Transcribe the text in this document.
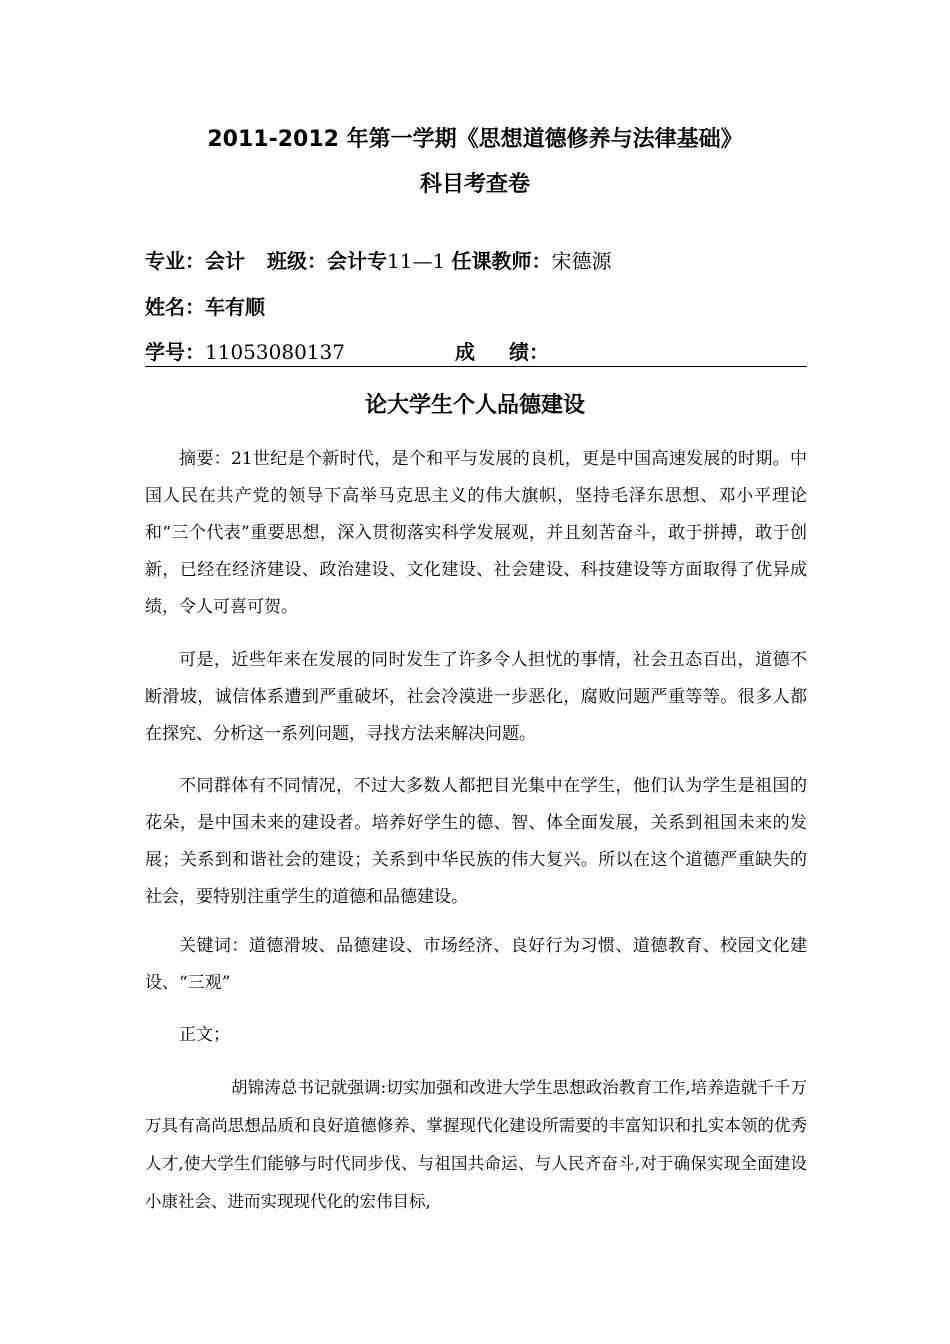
2011-2012 年第一学期《思想道德修养与法律基础》
科目考查卷
专业：会计 班级：会计专11—1 任课教师：宋德源
姓名：车有顺
学号：11053080137	成 绩：
论大学生个人品德建设

摘要：21世纪是个新时代，是个和平与发展的良机，更是中国高速发展的时期。中国人民在共产党的领导下高举马克思主义的伟大旗帜，坚持毛泽东思想、邓小平理论和“三个代表”重要思想，深入贯彻落实科学发展观，并且刻苦奋斗，敢于拼搏，敢于创新，已经在经济建设、政治建设、文化建设、社会建设、科技建设等方面取得了优异成绩，令人可喜可贺。

可是，近些年来在发展的同时发生了许多令人担忧的事情，社会丑态百出，道德不断滑坡，诚信体系遭到严重破坏，社会冷漠进一步恶化，腐败问题严重等等。很多人都在探究、分析这一系列问题，寻找方法来解决问题。

不同群体有不同情况，不过大多数人都把目光集中在学生，他们认为学生是祖国的花朵，是中国未来的建设者。培养好学生的德、智、体全面发展，关系到祖国未来的发展；关系到和谐社会的建设；关系到中华民族的伟大复兴。所以在这个道德严重缺失的社会，要特别注重学生的道德和品德建设。

关键词：道德滑坡、品德建设、市场经济、良好行为习惯、道德教育、校园文化建设、“三观”

正文；

胡锦涛总书记就强调:切实加强和改进大学生思想政治教育工作,培养造就千千万万具有高尚思想品质和良好道德修养、掌握现代化建设所需要的丰富知识和扎实本领的优秀人才,使大学生们能够与时代同步伐、与祖国共命运、与人民齐奋斗,对于确保实现全面建设小康社会、进而实现现代化的宏伟目标,
